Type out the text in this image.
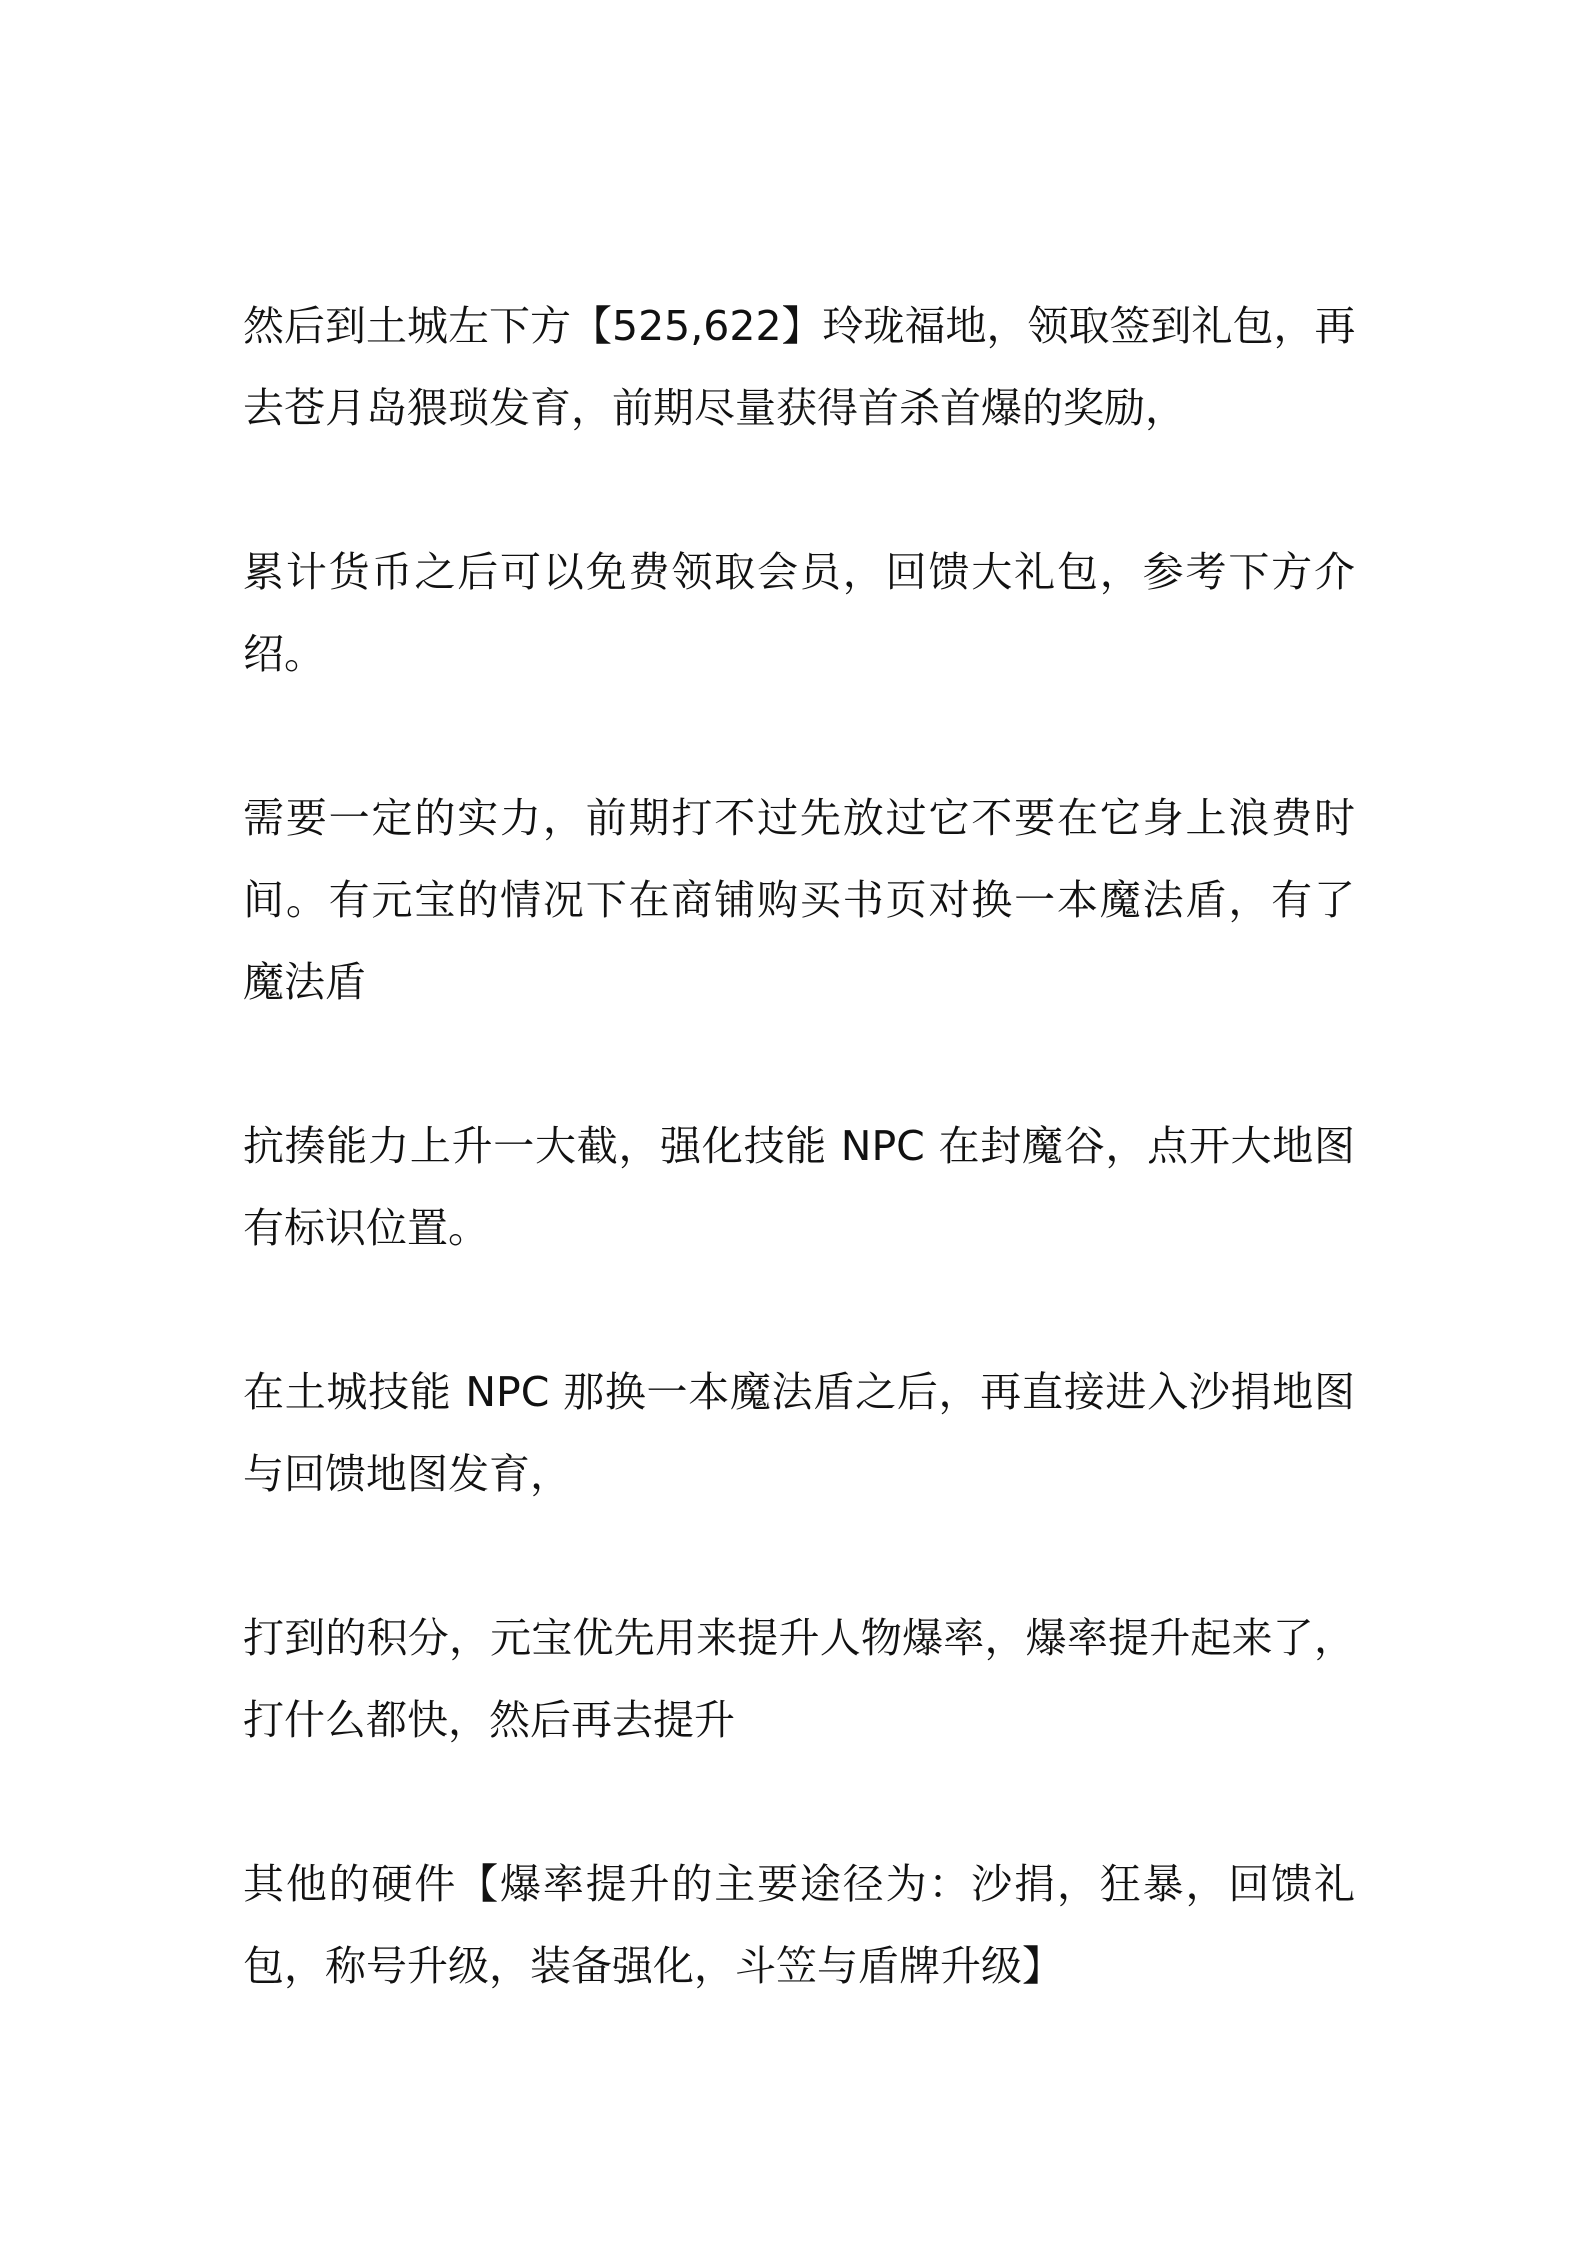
然后到土城左下方【525,622】玲珑福地，领取签到礼包，再
去苍月岛猥琐发育，前期尽量获得首杀首爆的奖励，

累计货币之后可以免费领取会员，回馈大礼包，参考下方介
绍。

需要一定的实力，前期打不过先放过它不要在它身上浪费时
间。有元宝的情况下在商铺购买书页对换一本魔法盾，有了
魔法盾

抗揍能力上升一大截，强化技能 NPC 在封魔谷，点开大地图
有标识位置。

在土城技能 NPC 那换一本魔法盾之后，再直接进入沙捐地图
与回馈地图发育，

打到的积分，元宝优先用来提升人物爆率，爆率提升起来了，
打什么都快，然后再去提升

其他的硬件【爆率提升的主要途径为：沙捐，狂暴，回馈礼
包，称号升级，装备强化，斗笠与盾牌升级】
